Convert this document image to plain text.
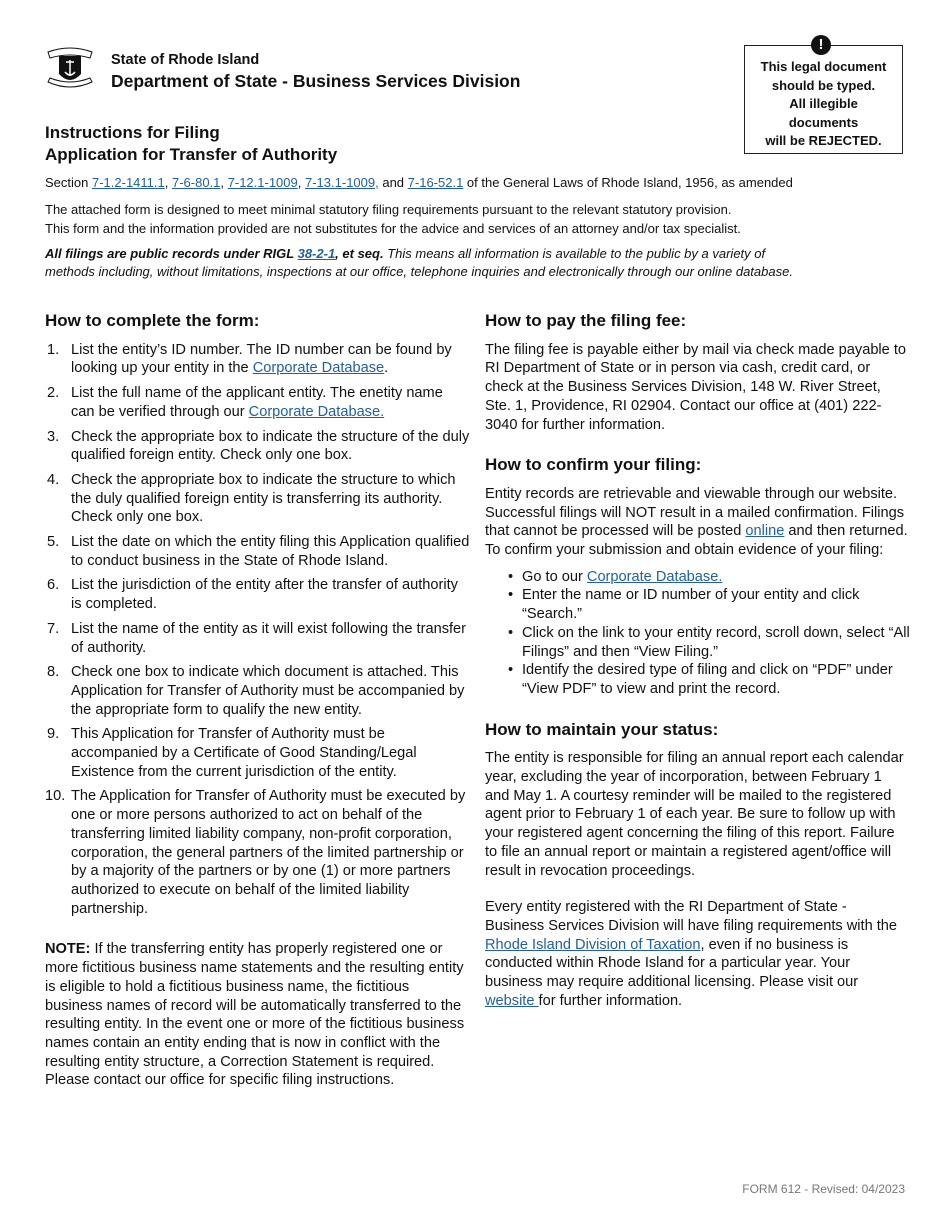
State of Rhode Island
Department of State - Business Services Division
This legal document
should be typed.
All illegible
documents
will be REJECTED.
!
Instructions for Filing
Application for Transfer of Authority
Section 7-1.2-1411.1, 7-6-80.1, 7-12.1-1009, 7-13.1-1009, and 7-16-52.1 of the General Laws of Rhode Island, 1956, as amended
The attached form is designed to meet minimal statutory filing requirements pursuant to the relevant statutory provision.
This form and the information provided are not substitutes for the advice and services of an attorney and/or tax specialist.
All filings are public records under RIGL 38-2-1, et seq. This means all information is available to the public by a variety of methods including, without limitations, inspections at our office, telephone inquiries and electronically through our online database.
How to complete the form:
1. List the entity’s ID number. The ID number can be found by looking up your entity in the Corporate Database.
2. List the full name of the applicant entity. The enetity name can be verified through our Corporate Database.
3. Check the appropriate box to indicate the structure of the duly qualified foreign entity. Check only one box.
4. Check the appropriate box to indicate the structure to which the duly qualified foreign entity is transferring its authority. Check only one box.
5. List the date on which the entity filing this Application qualified to conduct business in the State of Rhode Island.
6. List the jurisdiction of the entity after the transfer of authority is completed.
7. List the name of the entity as it will exist following the transfer of authority.
8. Check one box to indicate which document is attached. This Application for Transfer of Authority must be accompanied by the appropriate form to qualify the new entity.
9. This Application for Transfer of Authority must be accompanied by a Certificate of Good Standing/Legal Existence from the current jurisdiction of the entity.
10. The Application for Transfer of Authority must be executed by one or more persons authorized to act on behalf of the transferring limited liability company, non-profit corporation, corporation, the general partners of the limited partnership or by a majority of the partners or by one (1) or more partners authorized to execute on behalf of the limited liability partnership.
NOTE: If the transferring entity has properly registered one or more fictitious business name statements and the resulting entity is eligible to hold a fictitious business name, the fictitious business names of record will be automatically transferred to the resulting entity. In the event one or more of the fictitious business names contain an entity ending that is now in conflict with the resulting entity structure, a Correction Statement is required. Please contact our office for specific filing instructions.
How to pay the filing fee:
The filing fee is payable either by mail via check made payable to RI Department of State or in person via cash, credit card, or check at the Business Services Division, 148 W. River Street, Ste. 1, Providence, RI 02904. Contact our office at (401) 222-3040 for further information.
How to confirm your filing:
Entity records are retrievable and viewable through our website. Successful filings will NOT result in a mailed confirmation. Filings that cannot be processed will be posted online and then returned. To confirm your submission and obtain evidence of your filing:
• Go to our Corporate Database.
• Enter the name or ID number of your entity and click “Search.”
• Click on the link to your entity record, scroll down, select “All Filings” and then “View Filing.”
• Identify the desired type of filing and click on “PDF” under “View PDF” to view and print the record.
How to maintain your status:
The entity is responsible for filing an annual report each calendar year, excluding the year of incorporation, between February 1 and May 1. A courtesy reminder will be mailed to the registered agent prior to February 1 of each year. Be sure to follow up with your registered agent concerning the filing of this report. Failure to file an annual report or maintain a registered agent/office will result in revocation proceedings.
Every entity registered with the RI Department of State - Business Services Division will have filing requirements with the Rhode Island Division of Taxation, even if no business is conducted within Rhode Island for a particular year. Your business may require additional licensing. Please visit our website for further information.
FORM 612 - Revised: 04/2023
